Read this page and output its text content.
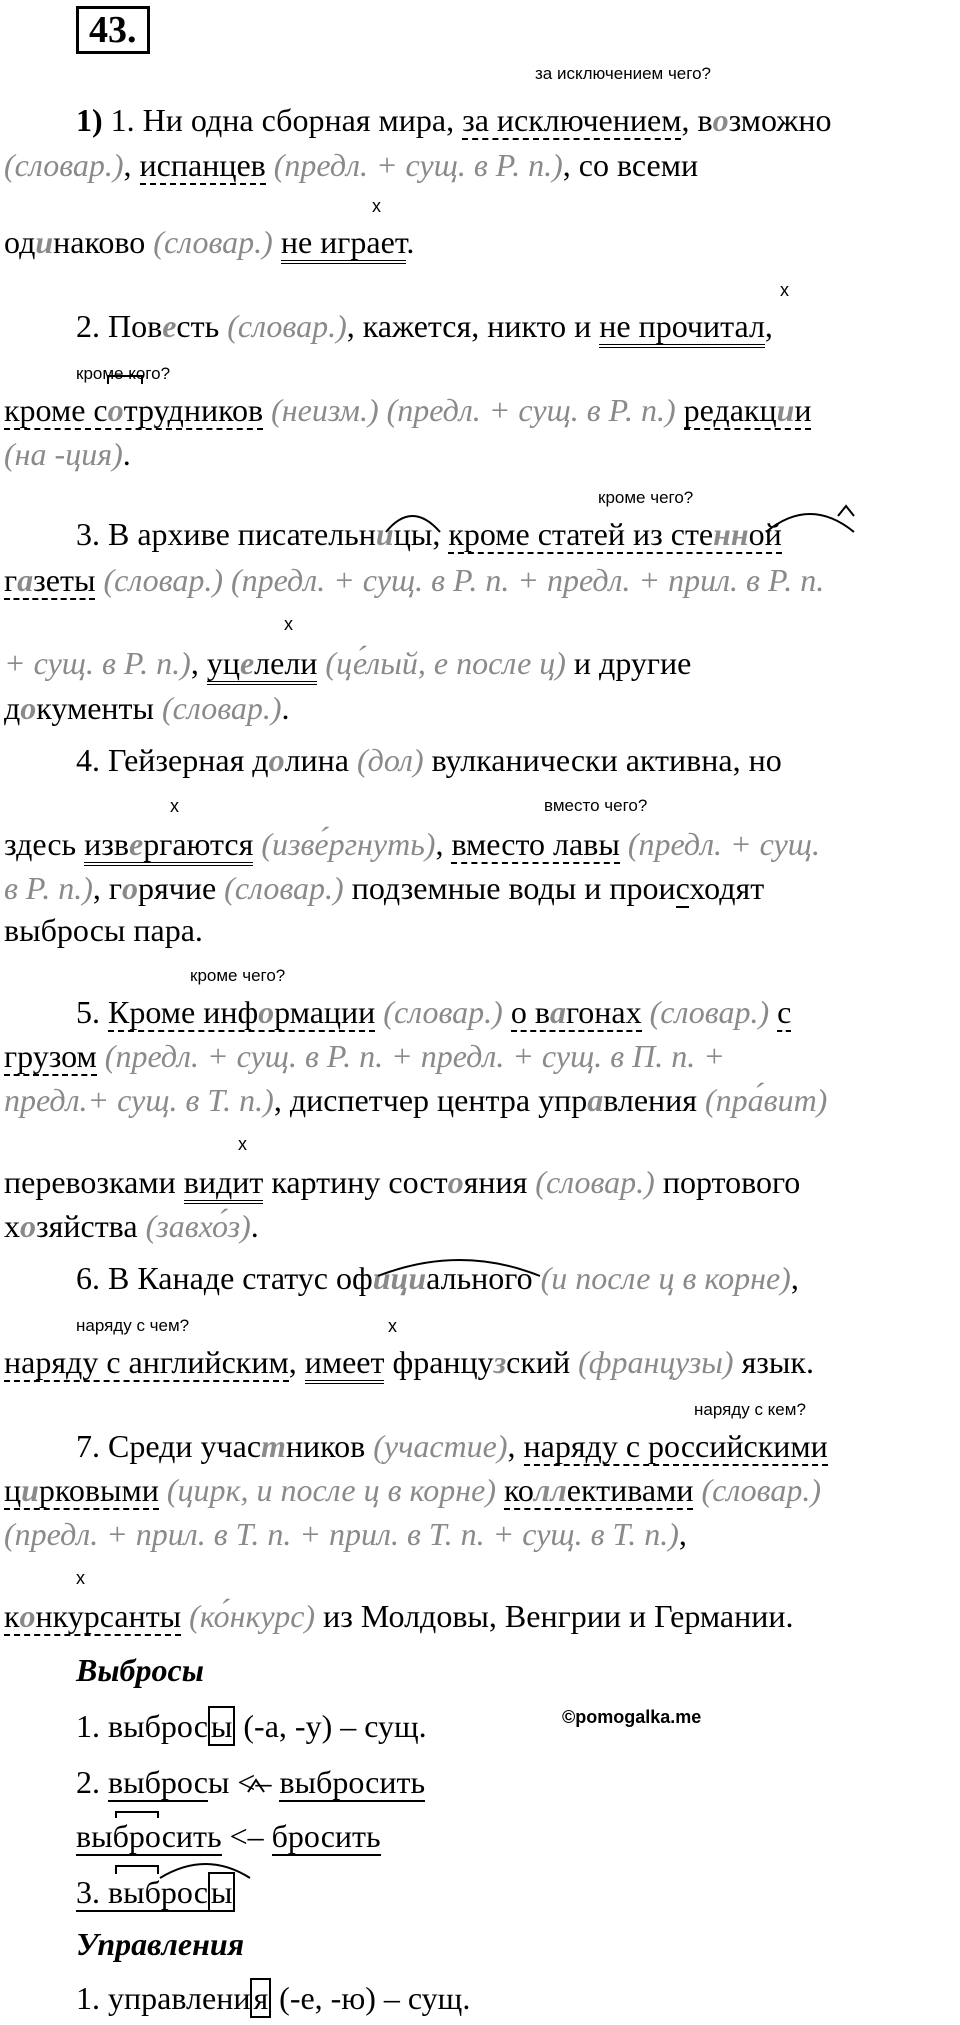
43.
за исключением чего?
1) 1. Ни одна сборная мира, за исключением, возможно
(словар.), испанцев (предл. + сущ. в Р. п.), со всеми
x
одинаково (словар.) не играет.
x
2. Повесть (словар.), кажется, никто и не прочитал,
кроме кого?
кроме сотрудников (неизм.) (предл. + сущ. в Р. п.) редакции
(на -ция).
кроме чего?
3. В архиве писательницы, кроме статей из стенной
газеты (словар.) (предл. + сущ. в Р. п. + предл. + прил. в Р. п.
x
+ сущ. в Р. п.), уцелели (це́лый, е после ц) и другие
документы (словар.).
4. Гейзерная долина (дол) вулканически активна, но
x	вместо чего?
здесь извергаются (изве́ргнуть), вместо лавы (предл. + сущ.
в Р. п.), горячие (словар.) подземные воды и происходят
выбросы пара.
кроме чего?
5. Кроме информации (словар.) о вагонах (словар.) с
грузом (предл. + сущ. в Р. п. + предл. + сущ. в П. п. +
предл.+ сущ. в Т. п.), диспетчер центра управления (пра́вит)
x
перевозками видит картину состояния (словар.) портового
хозяйства (завхо́з).
6. В Канаде статус официального (и после ц в корне),
наряду с чем?	x
наряду с английским, имеет французский (французы) язык.
наряду с кем?
7. Среди участников (участие), наряду с российскими
цирковыми (цирк, и после ц в корне) коллективами (словар.)
(предл. + прил. в Т. п. + прил. в Т. п. + сущ. в Т. п.),
x
конкурсанты (ко́нкурс) из Молдовы, Венгрии и Германии.
Выбросы
1. выбросы (-а, -у) – сущ.	©pomogalka.me
2. выбросы <– выбросить
выбросить <– бросить
3. выбросы
Управления
1. управления (-е, -ю) – сущ.
